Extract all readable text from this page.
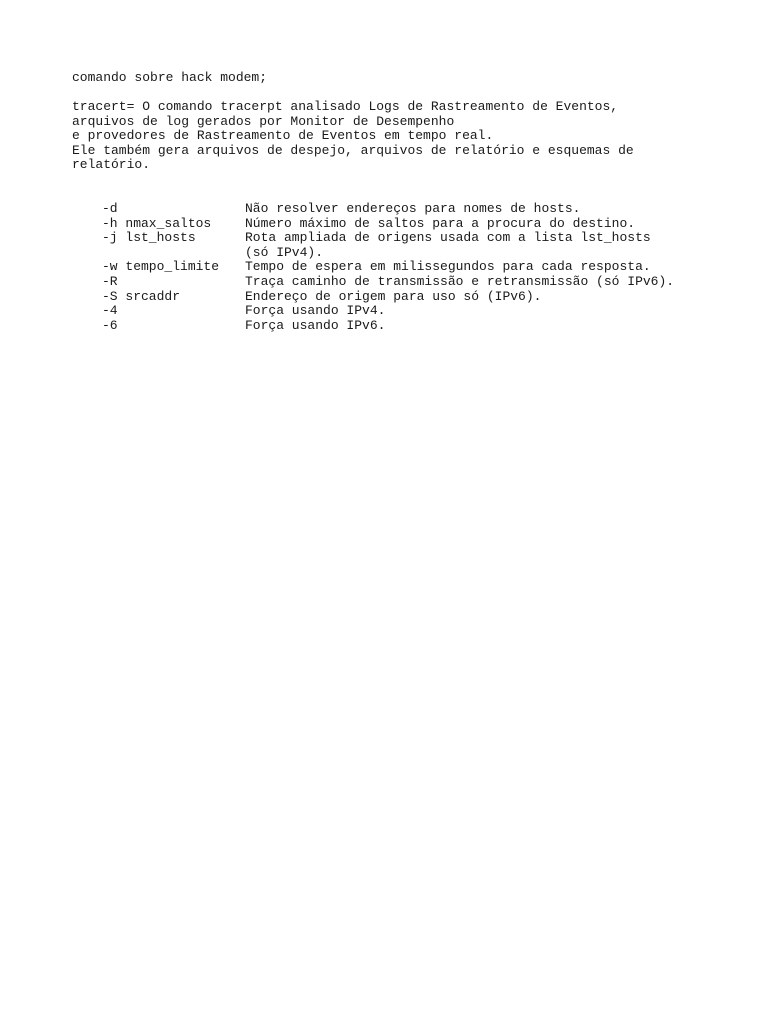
comando sobre hack modem;
tracert= O comando tracerpt analisado Logs de Rastreamento de Eventos,
arquivos de log gerados por Monitor de Desempenho
e provedores de Rastreamento de Eventos em tempo real.
Ele também gera arquivos de despejo, arquivos de relatório e esquemas de
relatório.
-d	Não resolver endereços para nomes de hosts.
-h nmax_saltos	Número máximo de saltos para a procura do destino.
-j lst_hosts	Rota ampliada de origens usada com a lista lst_hosts
(só IPv4).
-w tempo_limite	Tempo de espera em milissegundos para cada resposta.
-R	Traça caminho de transmissão e retransmissão (só IPv6).
-S srcaddr	Endereço de origem para uso só (IPv6).
-4	Força usando IPv4.
-6	Força usando IPv6.
